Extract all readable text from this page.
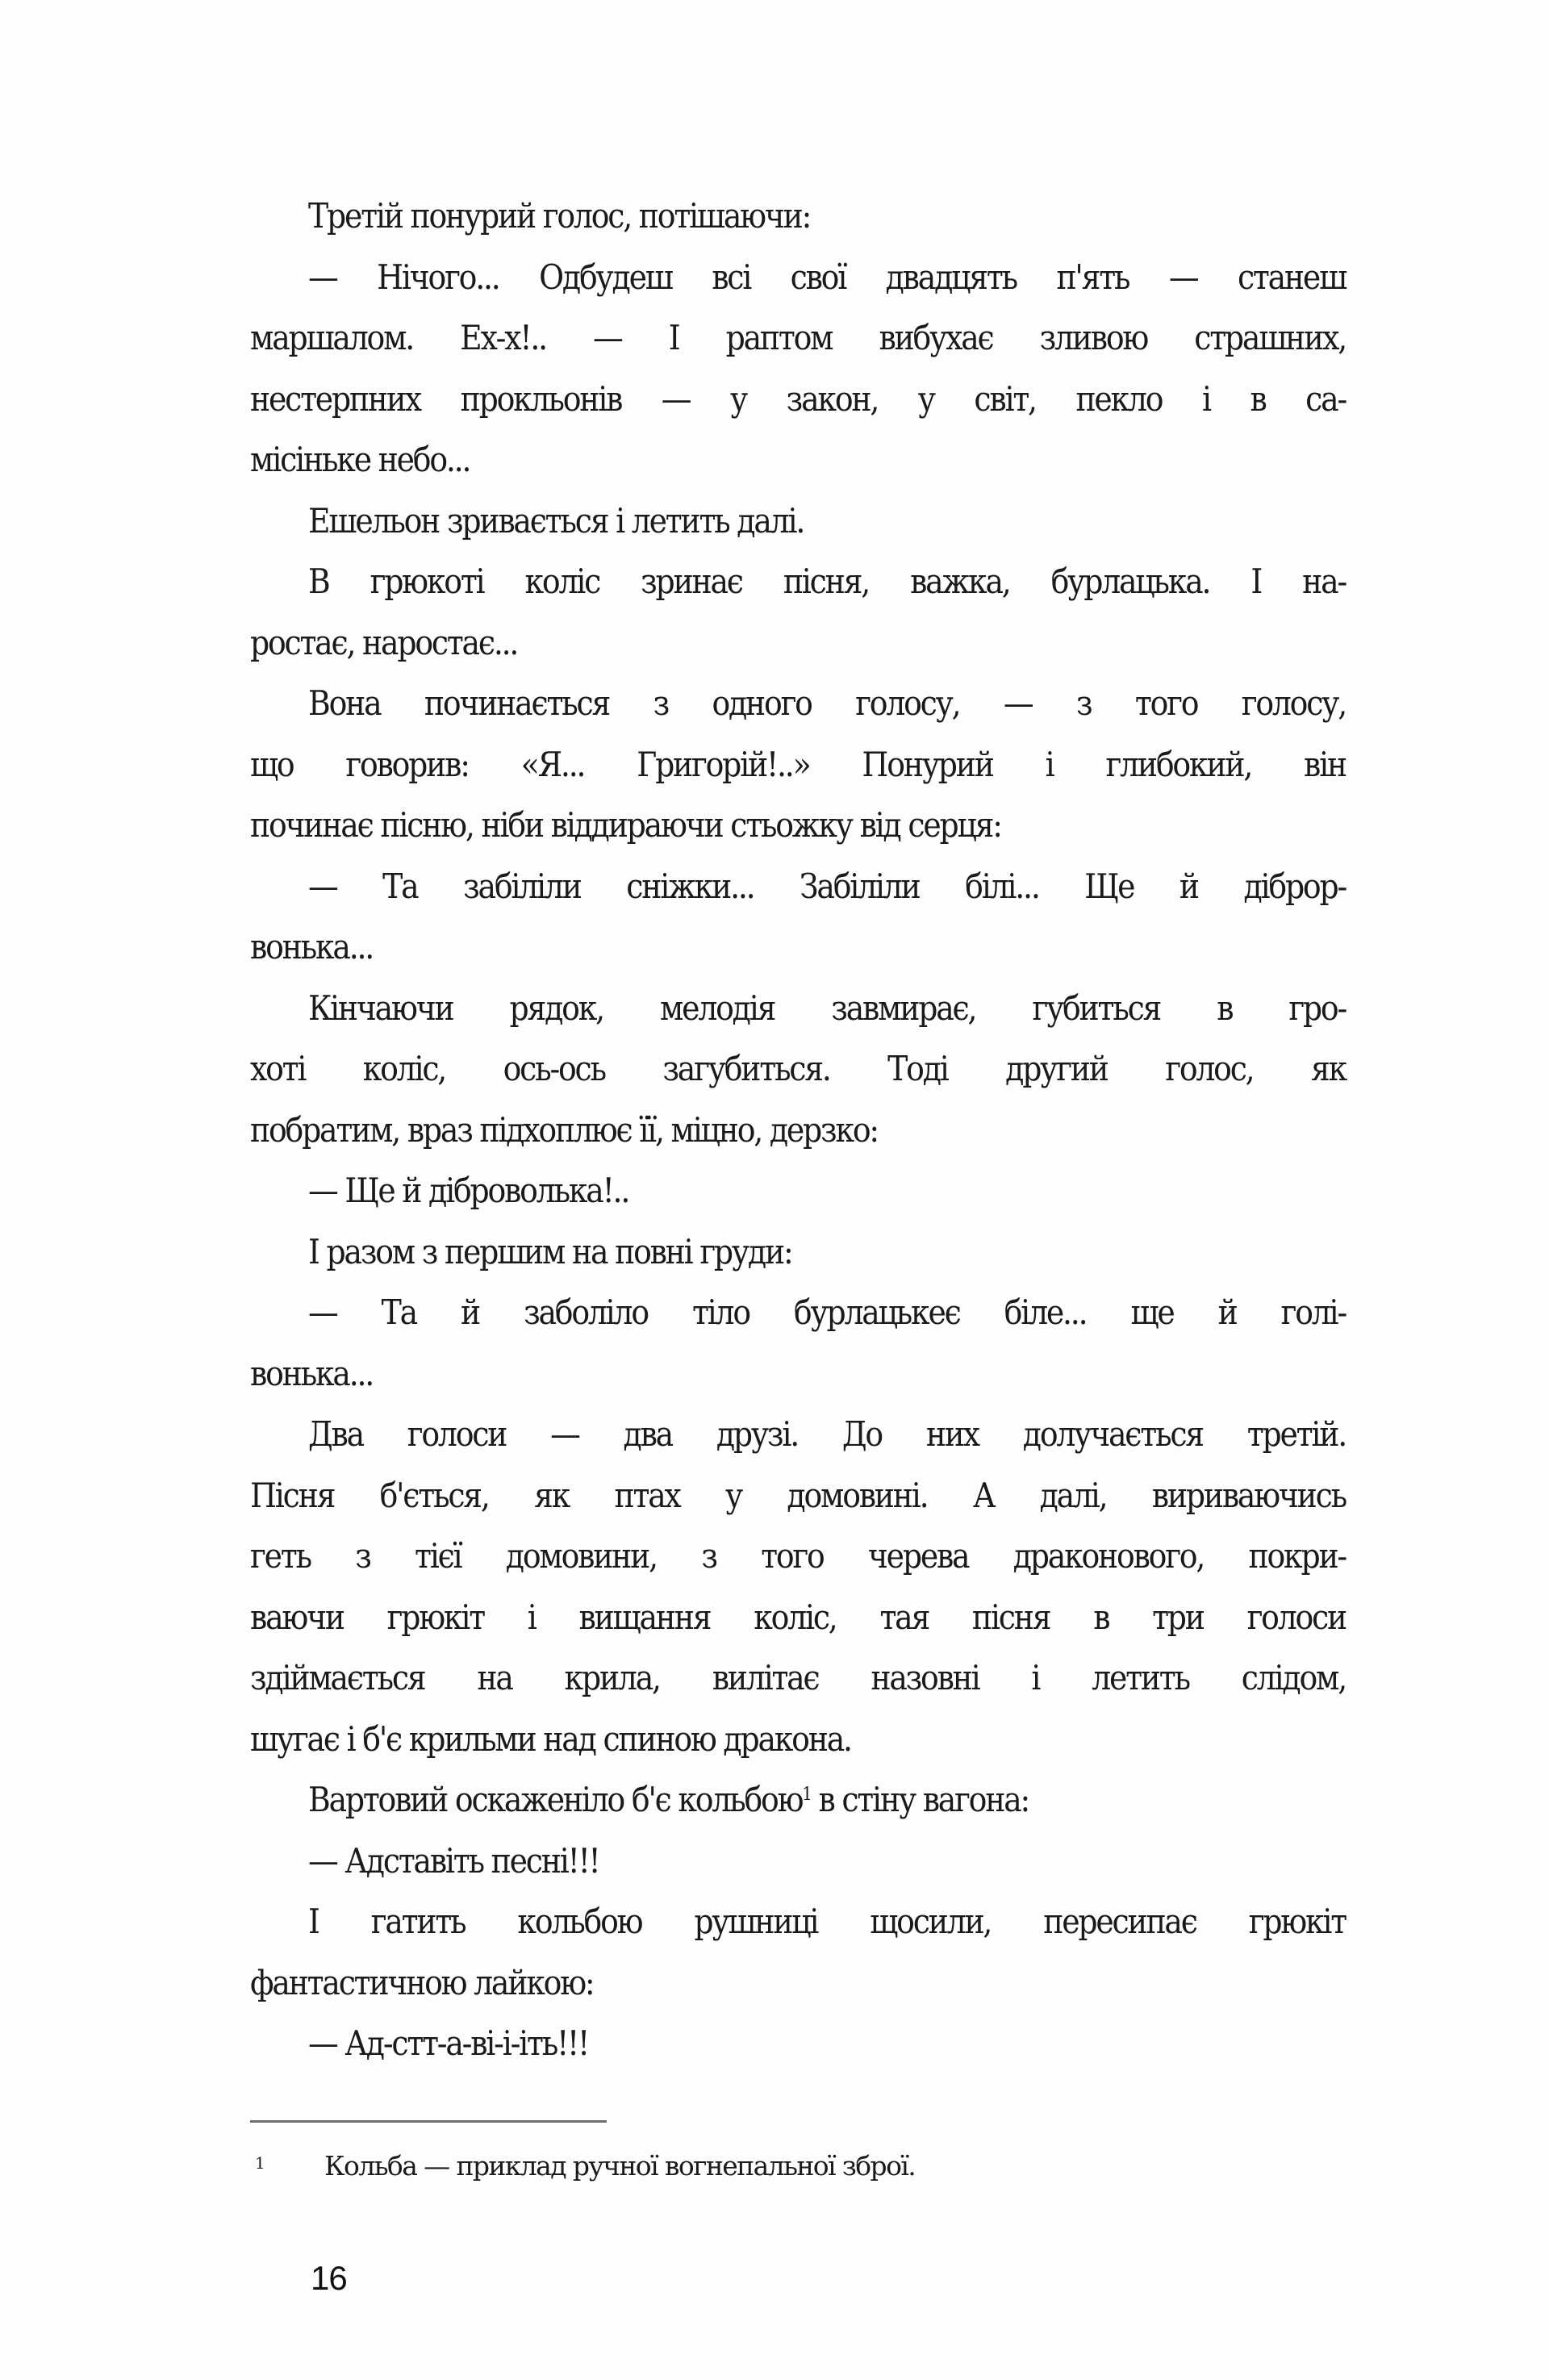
Третій понурий голос, потішаючи:
— Нічого... Одбудеш всі свої двадцять п'ять — станеш
маршалом. Ех-х!.. — І раптом вибухає зливою страшних,
нестерпних прокльонів — у закон, у світ, пекло і в са-
місіньке небо...
Ешельон зривається і летить далі.
В грюкоті коліс зринає пісня, важка, бурлацька. І на-
ростає, наростає...
Вона починається з одного голосу, — з того голосу,
що говорив: «Я... Григорій!..» Понурий і глибокий, він
починає пісню, ніби віддираючи стьожку від серця:
— Та забіліли сніжки... Забіліли білі... Ще й діброр-
вонька...
Кінчаючи рядок, мелодія завмирає, губиться в гро-
хоті коліс, ось-ось загубиться. Тоді другий голос, як
побратим, враз підхоплює її, міцно, дерзко:
— Ще й діброволька!..
І разом з першим на повні груди:
— Та й заболіло тіло бурлацькеє біле... ще й голі-
вонька...
Два голоси — два друзі. До них долучається третій.
Пісня б'ється, як птах у домовині. А далі, вириваючись
геть з тієї домовини, з того черева драконового, покри-
ваючи грюкіт і вищання коліс, тая пісня в три голоси
здіймається на крила, вилітає назовні і летить слідом,
шугає і б'є крильми над спиною дракона.
Вартовий оскаженіло б'є кольбою$^1$ в стіну вагона:
— Адставіть песні!!!
І гатить кольбою рушниці щосили, пересипає грюкіт
фантастичною лайкою:
— Ад-стт-а-ві-і-іть!!!
1 Кольба — приклад ручної вогнепальної зброї.
16
